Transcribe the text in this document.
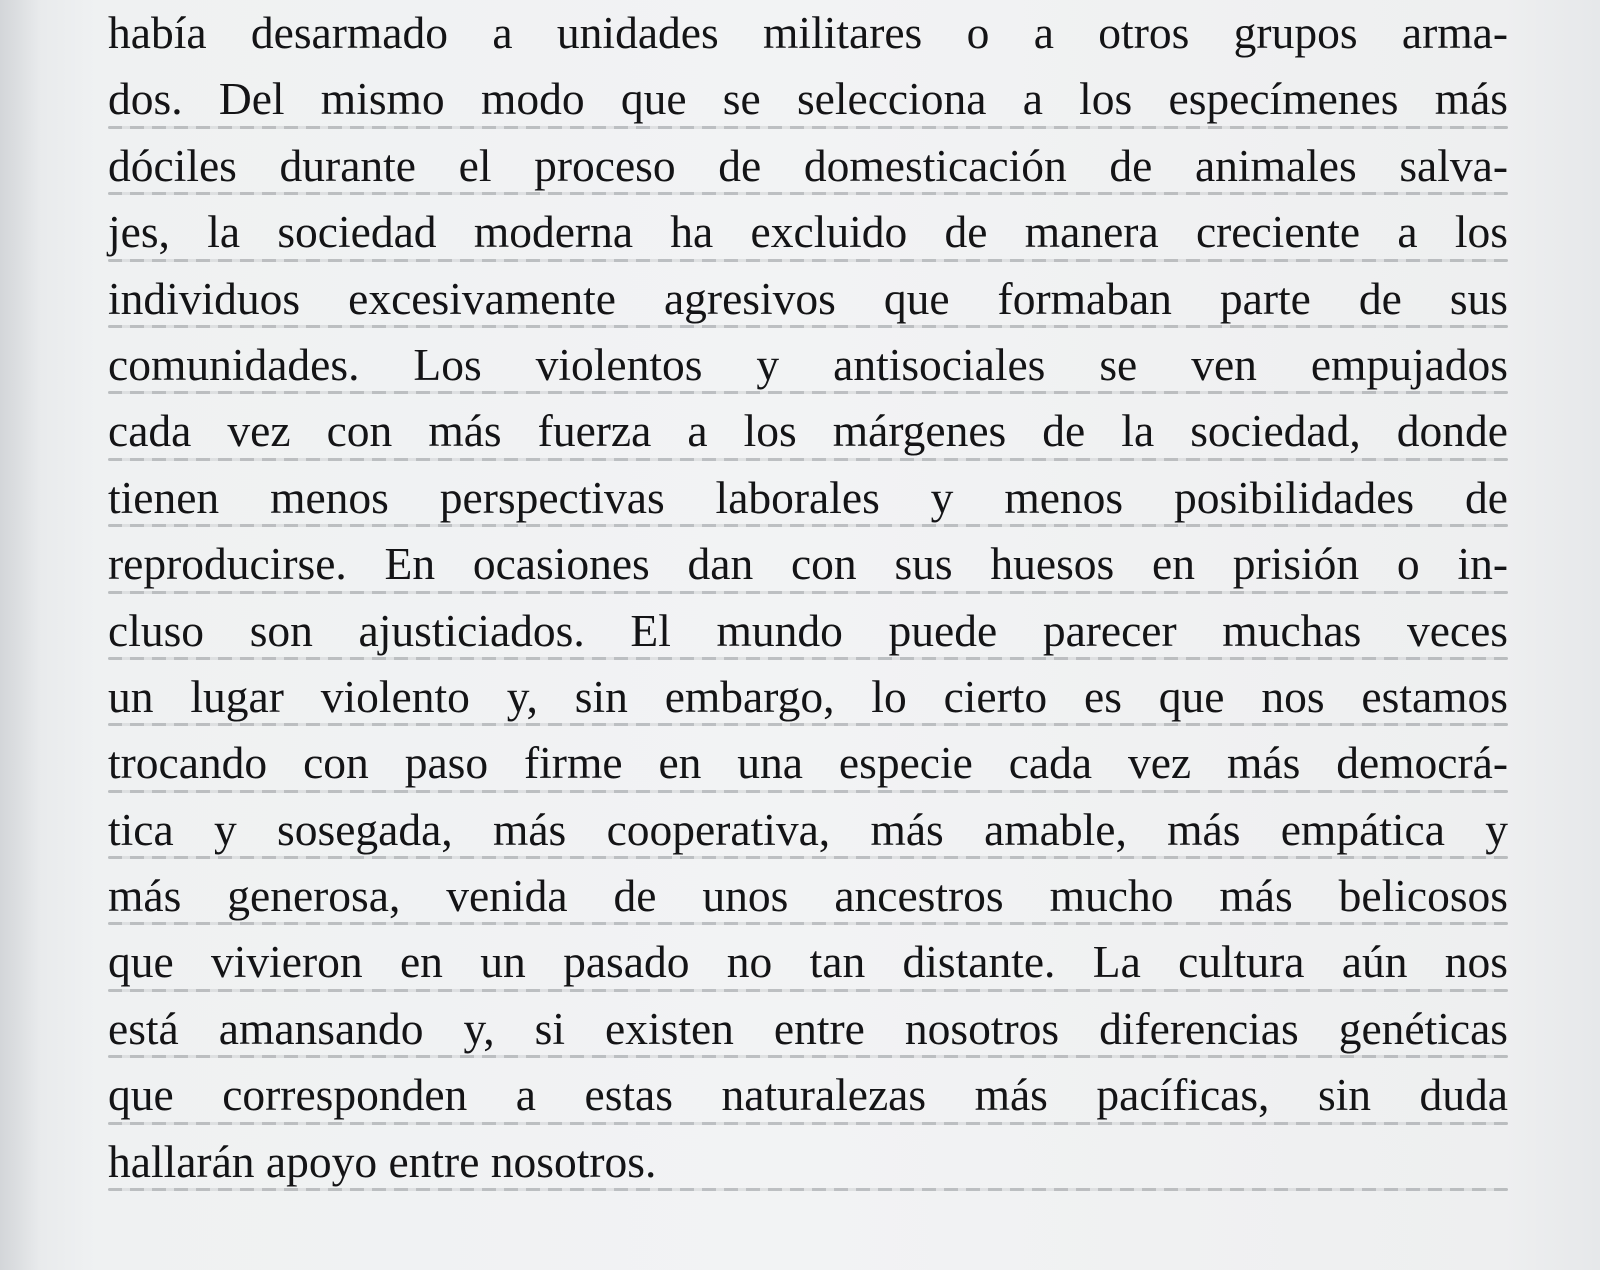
había desarmado a unidades militares o a otros grupos arma-
dos. Del mismo modo que se selecciona a los especímenes más
dóciles durante el proceso de domesticación de animales salva-
jes, la sociedad moderna ha excluido de manera creciente a los
individuos excesivamente agresivos que formaban parte de sus
comunidades. Los violentos y antisociales se ven empujados
cada vez con más fuerza a los márgenes de la sociedad, donde
tienen menos perspectivas laborales y menos posibilidades de
reproducirse. En ocasiones dan con sus huesos en prisión o in-
cluso son ajusticiados. El mundo puede parecer muchas veces
un lugar violento y, sin embargo, lo cierto es que nos estamos
trocando con paso firme en una especie cada vez más democrá-
tica y sosegada, más cooperativa, más amable, más empática y
más generosa, venida de unos ancestros mucho más belicosos
que vivieron en un pasado no tan distante. La cultura aún nos
está amansando y, si existen entre nosotros diferencias genéticas
que corresponden a estas naturalezas más pacíficas, sin duda
hallarán apoyo entre nosotros.
